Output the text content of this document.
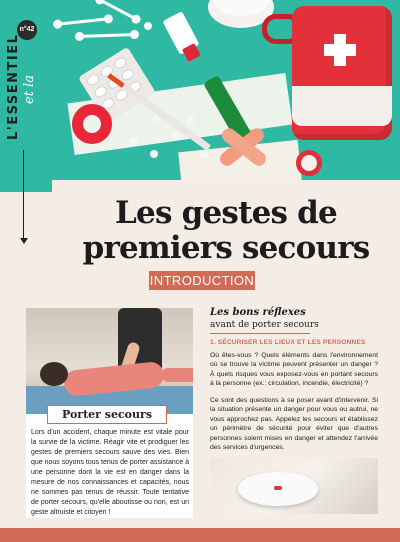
n°42
et la
L'ESSENTIEL
Les gestes de
premiers secours
INTRODUCTION
Porter secours

Lors d'un accident, chaque minute est vitale pour la survie de la victime. Réagir vite et prodiguer les gestes de premiers secours sauve des vies. Bien que nous soyons tous tenus de porter assistance à une personne dont la vie est en danger dans la mesure de nos connaissances et capacités, nous ne sommes pas tenus de réussir. Toute tentative de porter secours, qu'elle aboutisse ou non, est un geste altruiste et citoyen !

Les bons réflexes
avant de porter secours
1. SÉCURISER LES LIEUX ET LES PERSONNES

Où êtes-vous ? Quels éléments dans l'environnement où se trouve la victime peuvent présenter un danger ? À quels risques vous exposez-vous en portant secours à la personne (ex.: circulation, incendie, électricité) ?

Ce sont des questions à se poser avant d'intervenir. Si la situation présente un danger pour vous ou autrui, ne vous approchez pas. Appelez les secours et établissez un périmètre de sécurité pour éviter que d'autres personnes soient mises en danger et attendez l'arrivée des services d'urgences.
